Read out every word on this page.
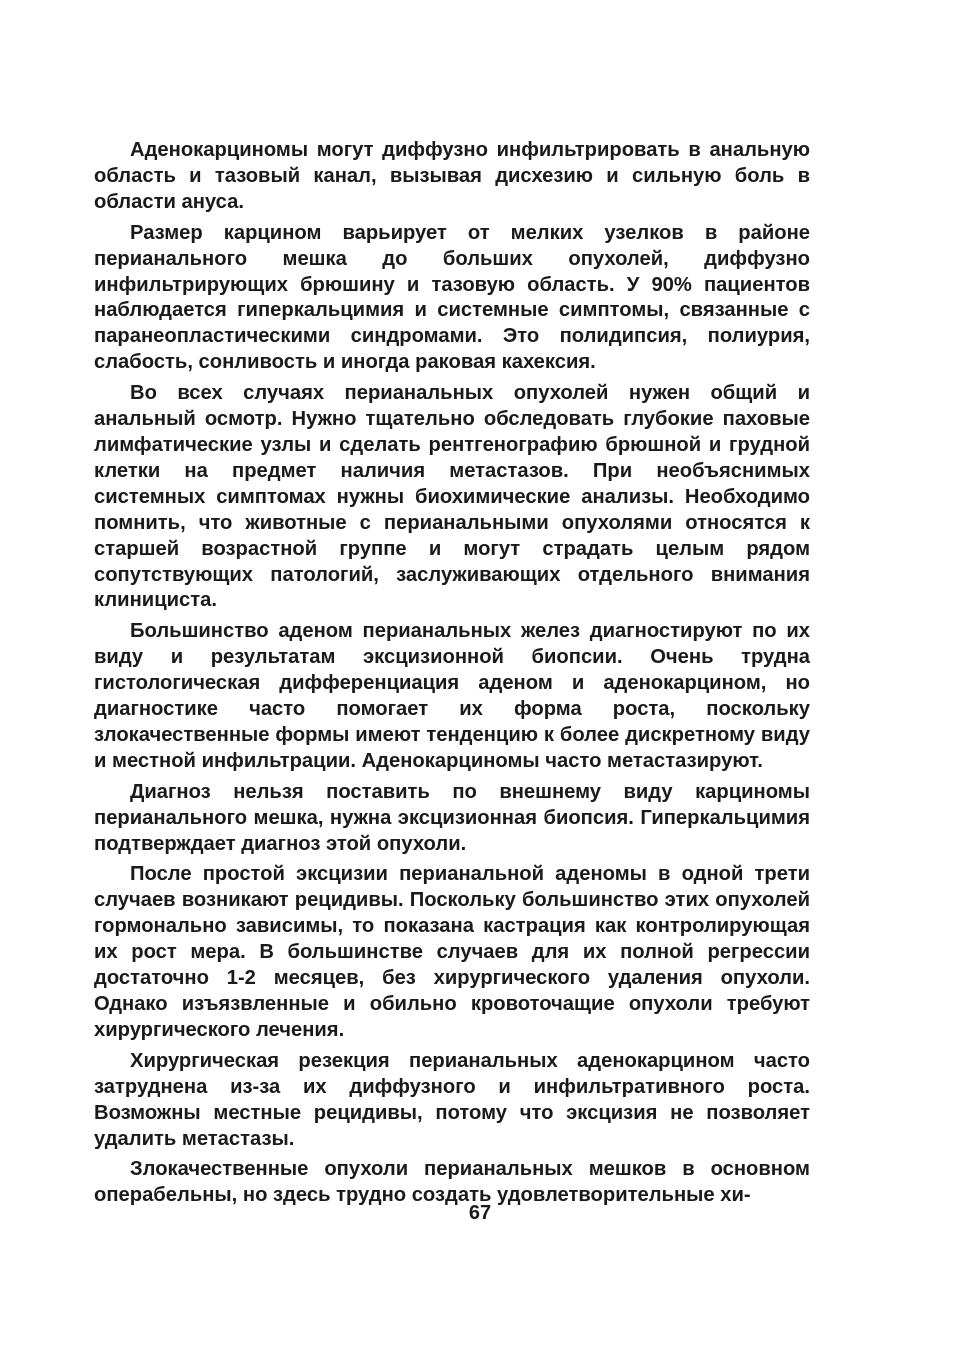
Аденокарциномы могут диффузно инфильтрировать в анальную область и тазовый канал, вызывая дисхезию и сильную боль в области ануса.

Размер карцином варьирует от мелких узелков в районе перианального мешка до больших опухолей, диффузно инфильтрирующих брюшину и тазовую область. У 90% пациентов наблюдается гиперкальцимия и системные симптомы, связанные с паранеопластическими синдромами. Это полидипсия, полиурия, слабость, сонливость и иногда раковая кахексия.

Во всех случаях перианальных опухолей нужен общий и анальный осмотр. Нужно тщательно обследовать глубокие паховые лимфатические узлы и сделать рентгенографию брюшной и грудной клетки на предмет наличия метастазов. При необъяснимых системных симптомах нужны биохимические анализы. Необходимо помнить, что животные с перианальными опухолями относятся к старшей возрастной группе и могут страдать целым рядом сопутствующих патологий, заслуживающих отдельного внимания клинициста.

Большинство аденом перианальных желез диагностируют по их виду и результатам эксцизионной биопсии. Очень трудна гистологическая дифференциация аденом и аденокарцином, но диагностике часто помогает их форма роста, поскольку злокачественные формы имеют тенденцию к более дискретному виду и местной инфильтрации. Аденокарциномы часто метастазируют.

Диагноз нельзя поставить по внешнему виду карциномы перианального мешка, нужна эксцизионная биопсия. Гиперкальцимия подтверждает диагноз этой опухоли.

После простой эксцизии перианальной аденомы в одной трети случаев возникают рецидивы. Поскольку большинство этих опухолей гормонально зависимы, то показана кастрация как контролирующая их рост мера. В большинстве случаев для их полной регрессии достаточно 1-2 месяцев, без хирургического удаления опухоли. Однако изъязвленные и обильно кровоточащие опухоли требуют хирургического лечения.

Хирургическая резекция перианальных аденокарцином часто затруднена из-за их диффузного и инфильтративного роста. Возможны местные рецидивы, потому что эксцизия не позволяет удалить метастазы.

Злокачественные опухоли перианальных мешков в основном операбельны, но здесь трудно создать удовлетворительные хи-

67
